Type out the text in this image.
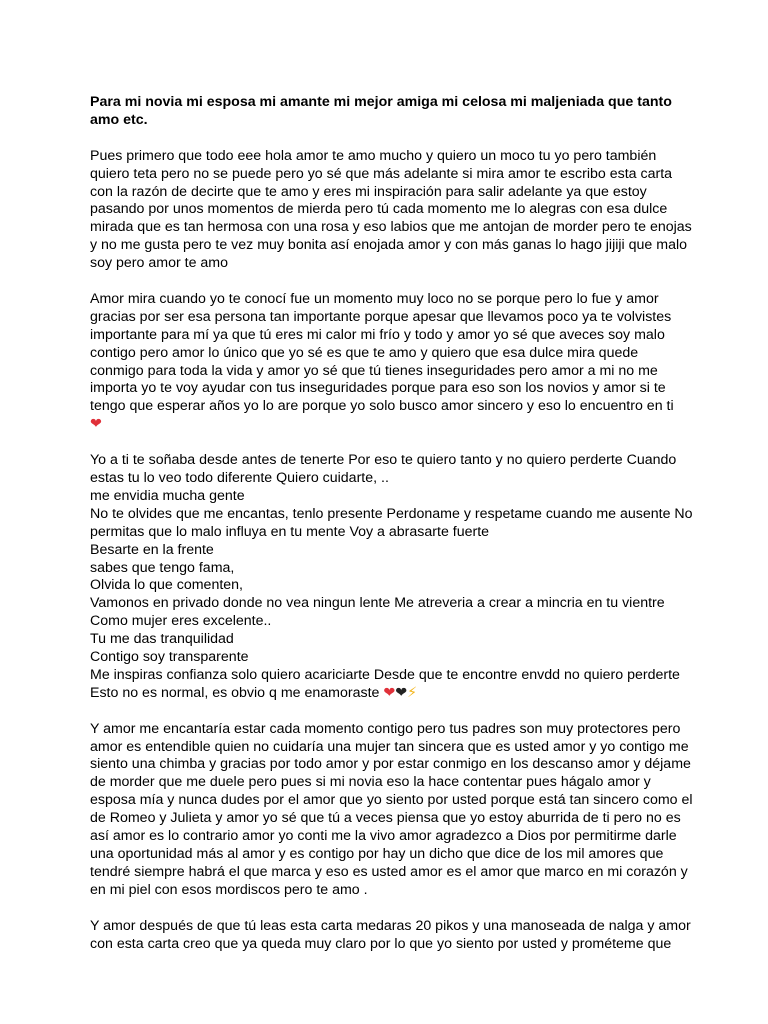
Para mi novia mi esposa mi amante mi mejor amiga mi celosa mi maljeniada que tanto
amo etc.

Pues primero que todo eee hola amor te amo mucho y quiero un moco tu yo pero también
quiero teta pero no se puede pero yo sé que más adelante si mira amor te escribo esta carta
con la razón de decirte que te amo y eres mi inspiración para salir adelante ya que estoy
pasando por unos momentos de mierda pero tú cada momento me lo alegras con esa dulce
mirada que es tan hermosa con una rosa y eso labios que me antojan de morder pero te enojas
y no me gusta pero te vez muy bonita así enojada amor y con más ganas lo hago jijiji que malo
soy pero amor te amo

Amor mira cuando yo te conocí fue un momento muy loco no se porque pero lo fue y amor
gracias por ser esa persona tan importante porque apesar que llevamos poco ya te volvistes
importante para mí ya que tú eres mi calor mi frío y todo y amor yo sé que aveces soy malo
contigo pero amor lo único que yo sé es que te amo y quiero que esa dulce mira quede
conmigo para toda la vida y amor yo sé que tú tienes inseguridades pero amor a mi no me
importa yo te voy ayudar con tus inseguridades porque para eso son los novios y amor si te
tengo que esperar años yo lo are porque yo solo busco amor sincero y eso lo encuentro en ti
❤

Yo a ti te soñaba desde antes de tenerte Por eso te quiero tanto y no quiero perderte Cuando
estas tu lo veo todo diferente Quiero cuidarte, ..
me envidia mucha gente
No te olvides que me encantas, tenlo presente Perdoname y respetame cuando me ausente No
permitas que lo malo influya en tu mente Voy a abrasarte fuerte
Besarte en la frente
sabes que tengo fama,
Olvida lo que comenten,
Vamonos en privado donde no vea ningun lente Me atreveria a crear a mincria en tu vientre
Como mujer eres excelente..
Tu me das tranquilidad
Contigo soy transparente
Me inspiras confianza solo quiero acariciarte Desde que te encontre envdd no quiero perderte
Esto no es normal, es obvio q me enamoraste ❤❤⚡

Y amor me encantaría estar cada momento contigo pero tus padres son muy protectores pero
amor es entendible quien no cuidaría una mujer tan sincera que es usted amor y yo contigo me
siento una chimba y gracias por todo amor y por estar conmigo en los descanso amor y déjame
de morder que me duele pero pues si mi novia eso la hace contentar pues hágalo amor y
esposa mía y nunca dudes por el amor que yo siento por usted porque está tan sincero como el
de Romeo y Julieta y amor yo sé que tú a veces piensa que yo estoy aburrida de ti pero no es
así amor es lo contrario amor yo conti me la vivo amor agradezco a Dios por permitirme darle
una oportunidad más al amor y es contigo por hay un dicho que dice de los mil amores que
tendré siempre habrá el que marca y eso es usted amor es el amor que marco en mi corazón y
en mi piel con esos mordiscos pero te amo .

Y amor después de que tú leas esta carta medaras 20 pikos y una manoseada de nalga y amor
con esta carta creo que ya queda muy claro por lo que yo siento por usted y prométeme que
